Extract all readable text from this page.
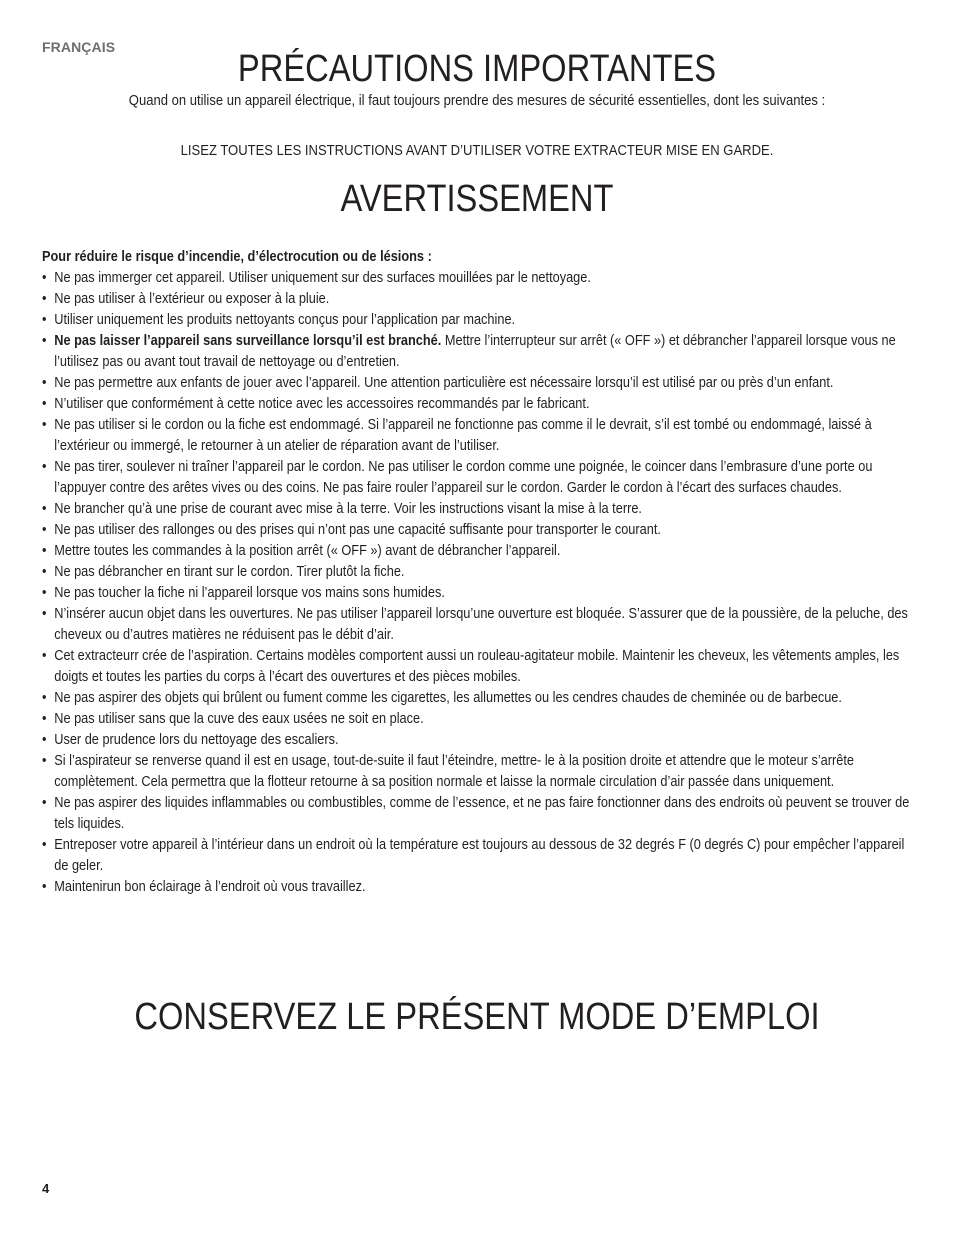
FRANÇAIS
PRÉCAUTIONS IMPORTANTES
Quand on utilise un appareil électrique, il faut toujours prendre des mesures de sécurité essentielles, dont les suivantes :
LISEZ TOUTES LES INSTRUCTIONS AVANT D’UTILISER VOTRE EXTRACTEUR MISE EN GARDE.
AVERTISSEMENT

Pour réduire le risque d’incendie, d’électrocution ou de lésions :

• Ne pas immerger cet appareil. Utiliser uniquement sur des surfaces mouillées par le nettoyage.
• Ne pas utiliser à l’extérieur ou exposer à la pluie.
• Utiliser uniquement les produits nettoyants conçus pour l’application par machine.
• Ne pas laisser l’appareil sans surveillance lorsqu’il est branché. Mettre l’interrupteur sur arrêt (« OFF ») et débrancher l’appareil lorsque vous ne l’utilisez pas ou avant tout travail de nettoyage ou d’entretien.
• Ne pas permettre aux enfants de jouer avec l’appareil. Une attention particulière est nécessaire lorsqu’il est utilisé par ou près d’un enfant.
• N’utiliser que conformément à cette notice avec les accessoires recommandés par le fabricant.
• Ne pas utiliser si le cordon ou la fiche est endommagé. Si l’appareil ne fonctionne pas comme il le devrait, s’il est tombé ou endommagé, laissé à l’extérieur ou immergé, le retourner à un atelier de réparation avant de l’utiliser.
• Ne pas tirer, soulever ni traîner l’appareil par le cordon. Ne pas utiliser le cordon comme une poignée, le coincer dans l’embrasure d’une porte ou l’appuyer contre des arêtes vives ou des coins. Ne pas faire rouler l’appareil sur le cordon. Garder le cordon à l’écart des surfaces chaudes.
• Ne brancher qu’à une prise de courant avec mise à la terre. Voir les instructions visant la mise à la terre.
• Ne pas utiliser des rallonges ou des prises qui n’ont pas une capacité suffisante pour transporter le courant.
• Mettre toutes les commandes à la position arrêt (« OFF ») avant de débrancher l’appareil.
• Ne pas débrancher en tirant sur le cordon. Tirer plutôt la fiche.
• Ne pas toucher la fiche ni l’appareil lorsque vos mains sons humides.
• N’insérer aucun objet dans les ouvertures. Ne pas utiliser l’appareil lorsqu’une ouverture est bloquée. S’assurer que de la poussière, de la peluche, des cheveux ou d’autres matières ne réduisent pas le débit d’air.
• Cet extracteurr crée de l’aspiration. Certains modèles comportent aussi un rouleau-agitateur mobile. Maintenir les cheveux, les vêtements amples, les doigts et toutes les parties du corps à l’écart des ouvertures et des pièces mobiles.
• Ne pas aspirer des objets qui brûlent ou fument comme les cigarettes, les allumettes ou les cendres chaudes de cheminée ou de barbecue.
• Ne pas utiliser sans que la cuve des eaux usées ne soit en place.
• User de prudence lors du nettoyage des escaliers.
• Si l’aspirateur se renverse quand il est en usage, tout-de-suite il faut l’éteindre, mettre- le à la position droite et attendre que le moteur s’arrête complètement. Cela permettra que la flotteur retourne à sa position normale et laisse la normale circulation d’air passée dans uniquement.
• Ne pas aspirer des liquides inflammables ou combustibles, comme de l’essence, et ne pas faire fonctionner dans des endroits où peuvent se trouver de tels liquides.
• Entreposer votre appareil à l’intérieur dans un endroit où la température est toujours au dessous de 32 degrés F (0 degrés C) pour empêcher l’appareil de geler.
• Maintenirun bon éclairage à l’endroit où vous travaillez.
CONSERVEZ LE PRÉSENT MODE D’EMPLOI
4
